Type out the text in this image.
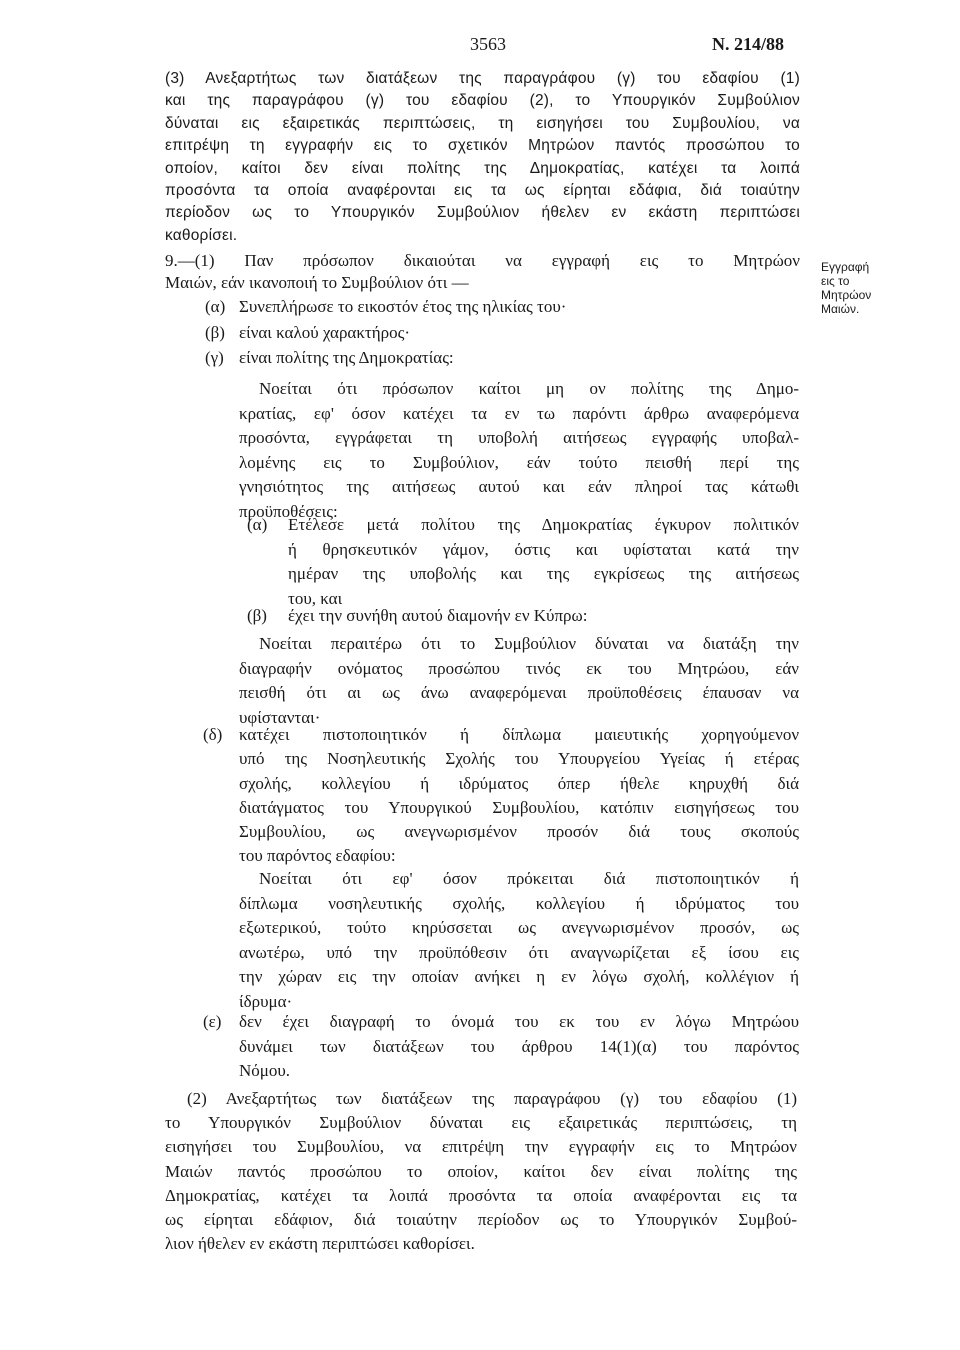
3563	Ν. 214/88
(3) Ανεξαρτήτως των διατάξεων της παραγράφου (γ) του εδαφίου (1)
και της παραγράφου (γ) του εδαφίου (2), το Υπουργικόν Συμβούλιον
δύναται εις εξαιρετικάς περιπτώσεις, τη εισηγήσει του Συμβουλίου, να
επιτρέψη τη εγγραφήν εις το σχετικόν Μητρώον παντός προσώπου το
οποίον, καίτοι δεν είναι πολίτης της Δημοκρατίας, κατέχει τα λοιπά
προσόντα τα οποία αναφέρονται εις τα ως είρηται εδάφια, διά τοιαύτην
περίοδον ως το Υπουργικόν Συμβούλιον ήθελεν εν εκάστη περιπτώσει
καθορίσει.
Εγγραφή
εις το
Μητρώον
Μαιών.
9.—(1) Παν πρόσωπον δικαιούται να εγγραφή εις το Μητρώον
Μαιών, εάν ικανοποιή το Συμβούλιον ότι —
(α) Συνεπλήρωσε το εικοστόν έτος της ηλικίας του·
(β) είναι καλού χαρακτήρος·
(γ) είναι πολίτης της Δημοκρατίας:
Νοείται ότι πρόσωπον καίτοι μη ον πολίτης της Δημο-
κρατίας, εφ' όσον κατέχει τα εν τω παρόντι άρθρω αναφερόμενα
προσόντα, εγγράφεται τη υποβολή αιτήσεως εγγραφής υποβαλ-
λομένης εις το Συμβούλιον, εάν τούτο πεισθή περί της
γνησιότητος της αιτήσεως αυτού και εάν πληροί τας κάτωθι
προϋποθέσεις:
(α) Ετέλεσε μετά πολίτου της Δημοκρατίας έγκυρον πολιτικόν
ή θρησκευτικόν γάμον, όστις και υφίσταται κατά την
ημέραν της υποβολής και της εγκρίσεως της αιτήσεως
του, και
(β) έχει την συνήθη αυτού διαμονήν εν Κύπρω:
Νοείται περαιτέρω ότι το Συμβούλιον δύναται να διατάξη την
διαγραφήν ονόματος προσώπου τινός εκ του Μητρώου, εάν
πεισθή ότι αι ως άνω αναφερόμεναι προϋποθέσεις έπαυσαν να
υφίστανται·
(δ) κατέχει πιστοποιητικόν ή δίπλωμα μαιευτικής χορηγούμενον
υπό της Νοσηλευτικής Σχολής του Υπουργείου Υγείας ή ετέρας
σχολής, κολλεγίου ή ιδρύματος όπερ ήθελε κηρυχθή διά
διατάγματος του Υπουργικού Συμβουλίου, κατόπιν εισηγήσεως του
Συμβουλίου, ως ανεγνωρισμένον προσόν διά τους σκοπούς
του παρόντος εδαφίου:
Νοείται ότι εφ' όσον πρόκειται διά πιστοποιητικόν ή
δίπλωμα νοσηλευτικής σχολής, κολλεγίου ή ιδρύματος του
εξωτερικού, τούτο κηρύσσεται ως ανεγνωρισμένον προσόν, ως
ανωτέρω, υπό την προϋπόθεσιν ότι αναγνωρίζεται εξ ίσου εις
την χώραν εις την οποίαν ανήκει η εν λόγω σχολή, κολλέγιον ή
ίδρυμα·
(ε) δεν έχει διαγραφή το όνομά του εκ του εν λόγω Μητρώου
δυνάμει των διατάξεων του άρθρου 14(1)(α) του παρόντος
Νόμου.
(2) Ανεξαρτήτως των διατάξεων της παραγράφου (γ) του εδαφίου (1)
το Υπουργικόν Συμβούλιον δύναται εις εξαιρετικάς περιπτώσεις, τη
εισηγήσει του Συμβουλίου, να επιτρέψη την εγγραφήν εις το Μητρώον
Μαιών παντός προσώπου το οποίον, καίτοι δεν είναι πολίτης της
Δημοκρατίας, κατέχει τα λοιπά προσόντα τα οποία αναφέρονται εις τα
ως είρηται εδάφιον, διά τοιαύτην περίοδον ως το Υπουργικόν Συμβού-
λιον ήθελεν εν εκάστη περιπτώσει καθορίσει.
